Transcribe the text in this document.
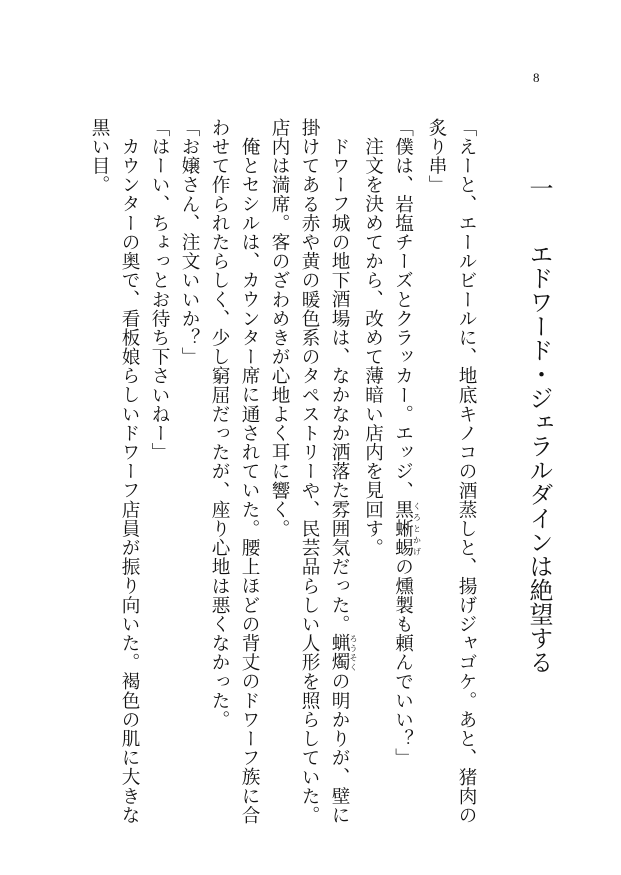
8
一エドワード・ジェラルダインは絶望する

「えーと、エールビールに、地底キノコの酒蒸しと、揚げジャゴケ。あと、猪肉の炙り串」

「僕は、岩塩チーズとクラッカー。エッジ、黒蜥蜴 くろとかげの燻製も頼んでいい？」

注文を決めてから、改めて薄暗い店内を見回す。

ドワーフ城の地下酒場は、なかなか洒落た雰囲気だった。蝋燭 ろうそくの明かりが、壁に掛けてある赤や黄の暖色系のタペストリーや、民芸品らしい人形を照らしていた。店内は満席。客のざわめきが心地よく耳に響く。

俺とセシルは、カウンター席に通されていた。腰上ほどの背丈のドワーフ族に合わせて作られたらしく、少し窮屈だったが、座り心地は悪くなかった。

「お嬢さん、注文いいか？」

「はーい、ちょっとお待ち下さいねー」

カウンターの奥で、看板娘らしいドワーフ店員が振り向いた。褐色の肌に大きな黒い目。
